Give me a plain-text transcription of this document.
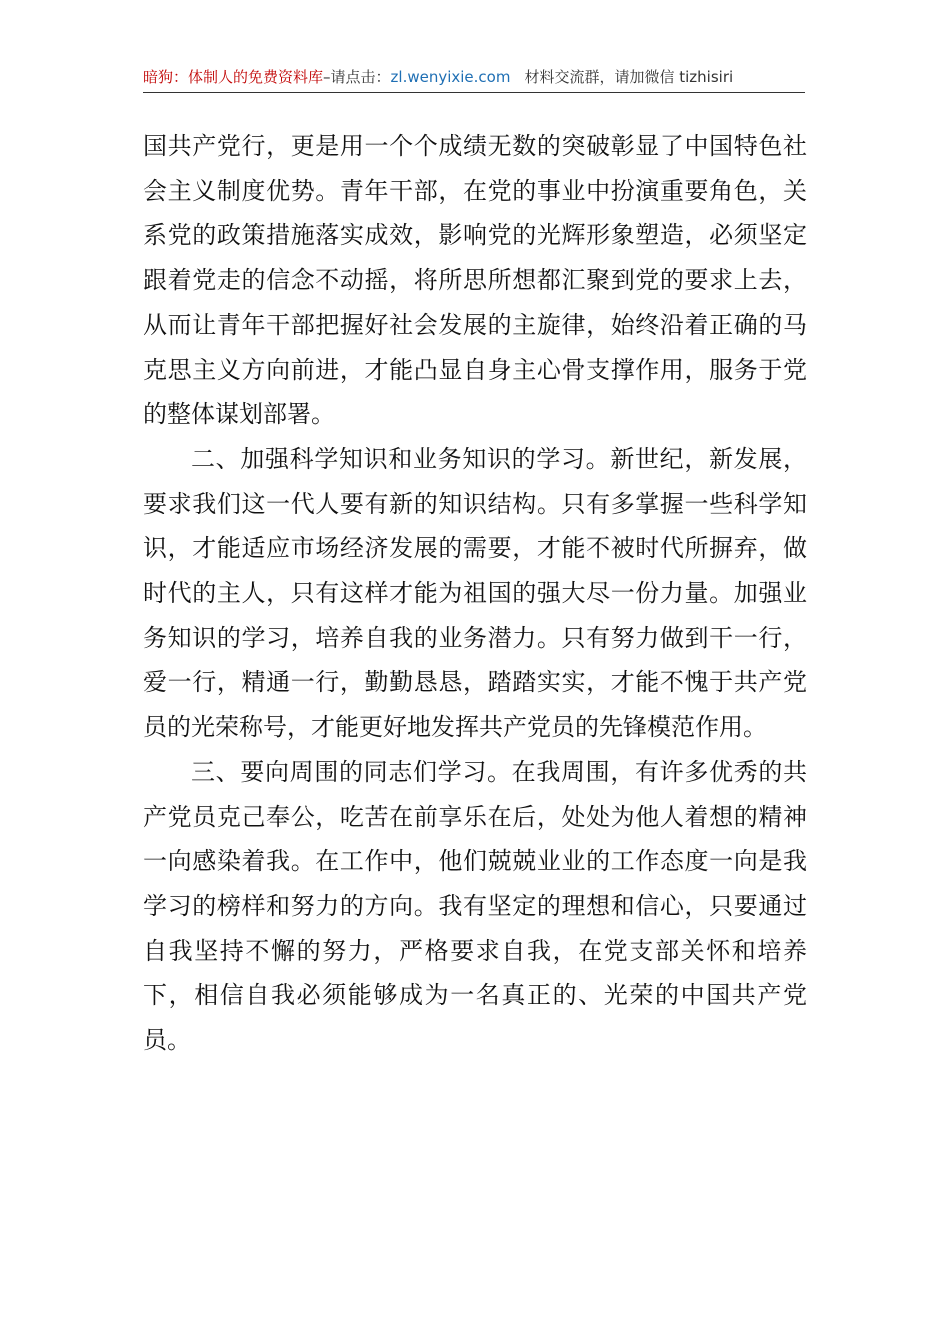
暗狗：体制人的免费资料库–请点击：zl.wenyixie.com 材料交流群，请加微信 tizhisiri

国共产党行，更是用一个个成绩无数的突破彰显了中国特色社会主义制度优势。青年干部，在党的事业中扮演重要角色，关系党的政策措施落实成效，影响党的光辉形象塑造，必须坚定跟着党走的信念不动摇，将所思所想都汇聚到党的要求上去，从而让青年干部把握好社会发展的主旋律，始终沿着正确的马克思主义方向前进，才能凸显自身主心骨支撑作用，服务于党的整体谋划部署。

二、加强科学知识和业务知识的学习。新世纪，新发展，要求我们这一代人要有新的知识结构。只有多掌握一些科学知识，才能适应市场经济发展的需要，才能不被时代所摒弃，做时代的主人，只有这样才能为祖国的强大尽一份力量。加强业务知识的学习，培养自我的业务潜力。只有努力做到干一行，爱一行，精通一行，勤勤恳恳，踏踏实实，才能不愧于共产党员的光荣称号，才能更好地发挥共产党员的先锋模范作用。

三、要向周围的同志们学习。在我周围，有许多优秀的共产党员克己奉公，吃苦在前享乐在后，处处为他人着想的精神一向感染着我。在工作中，他们兢兢业业的工作态度一向是我学习的榜样和努力的方向。我有坚定的理想和信心，只要通过自我坚持不懈的努力，严格要求自我，在党支部关怀和培养下，相信自我必须能够成为一名真正的、光荣的中国共产党员。
